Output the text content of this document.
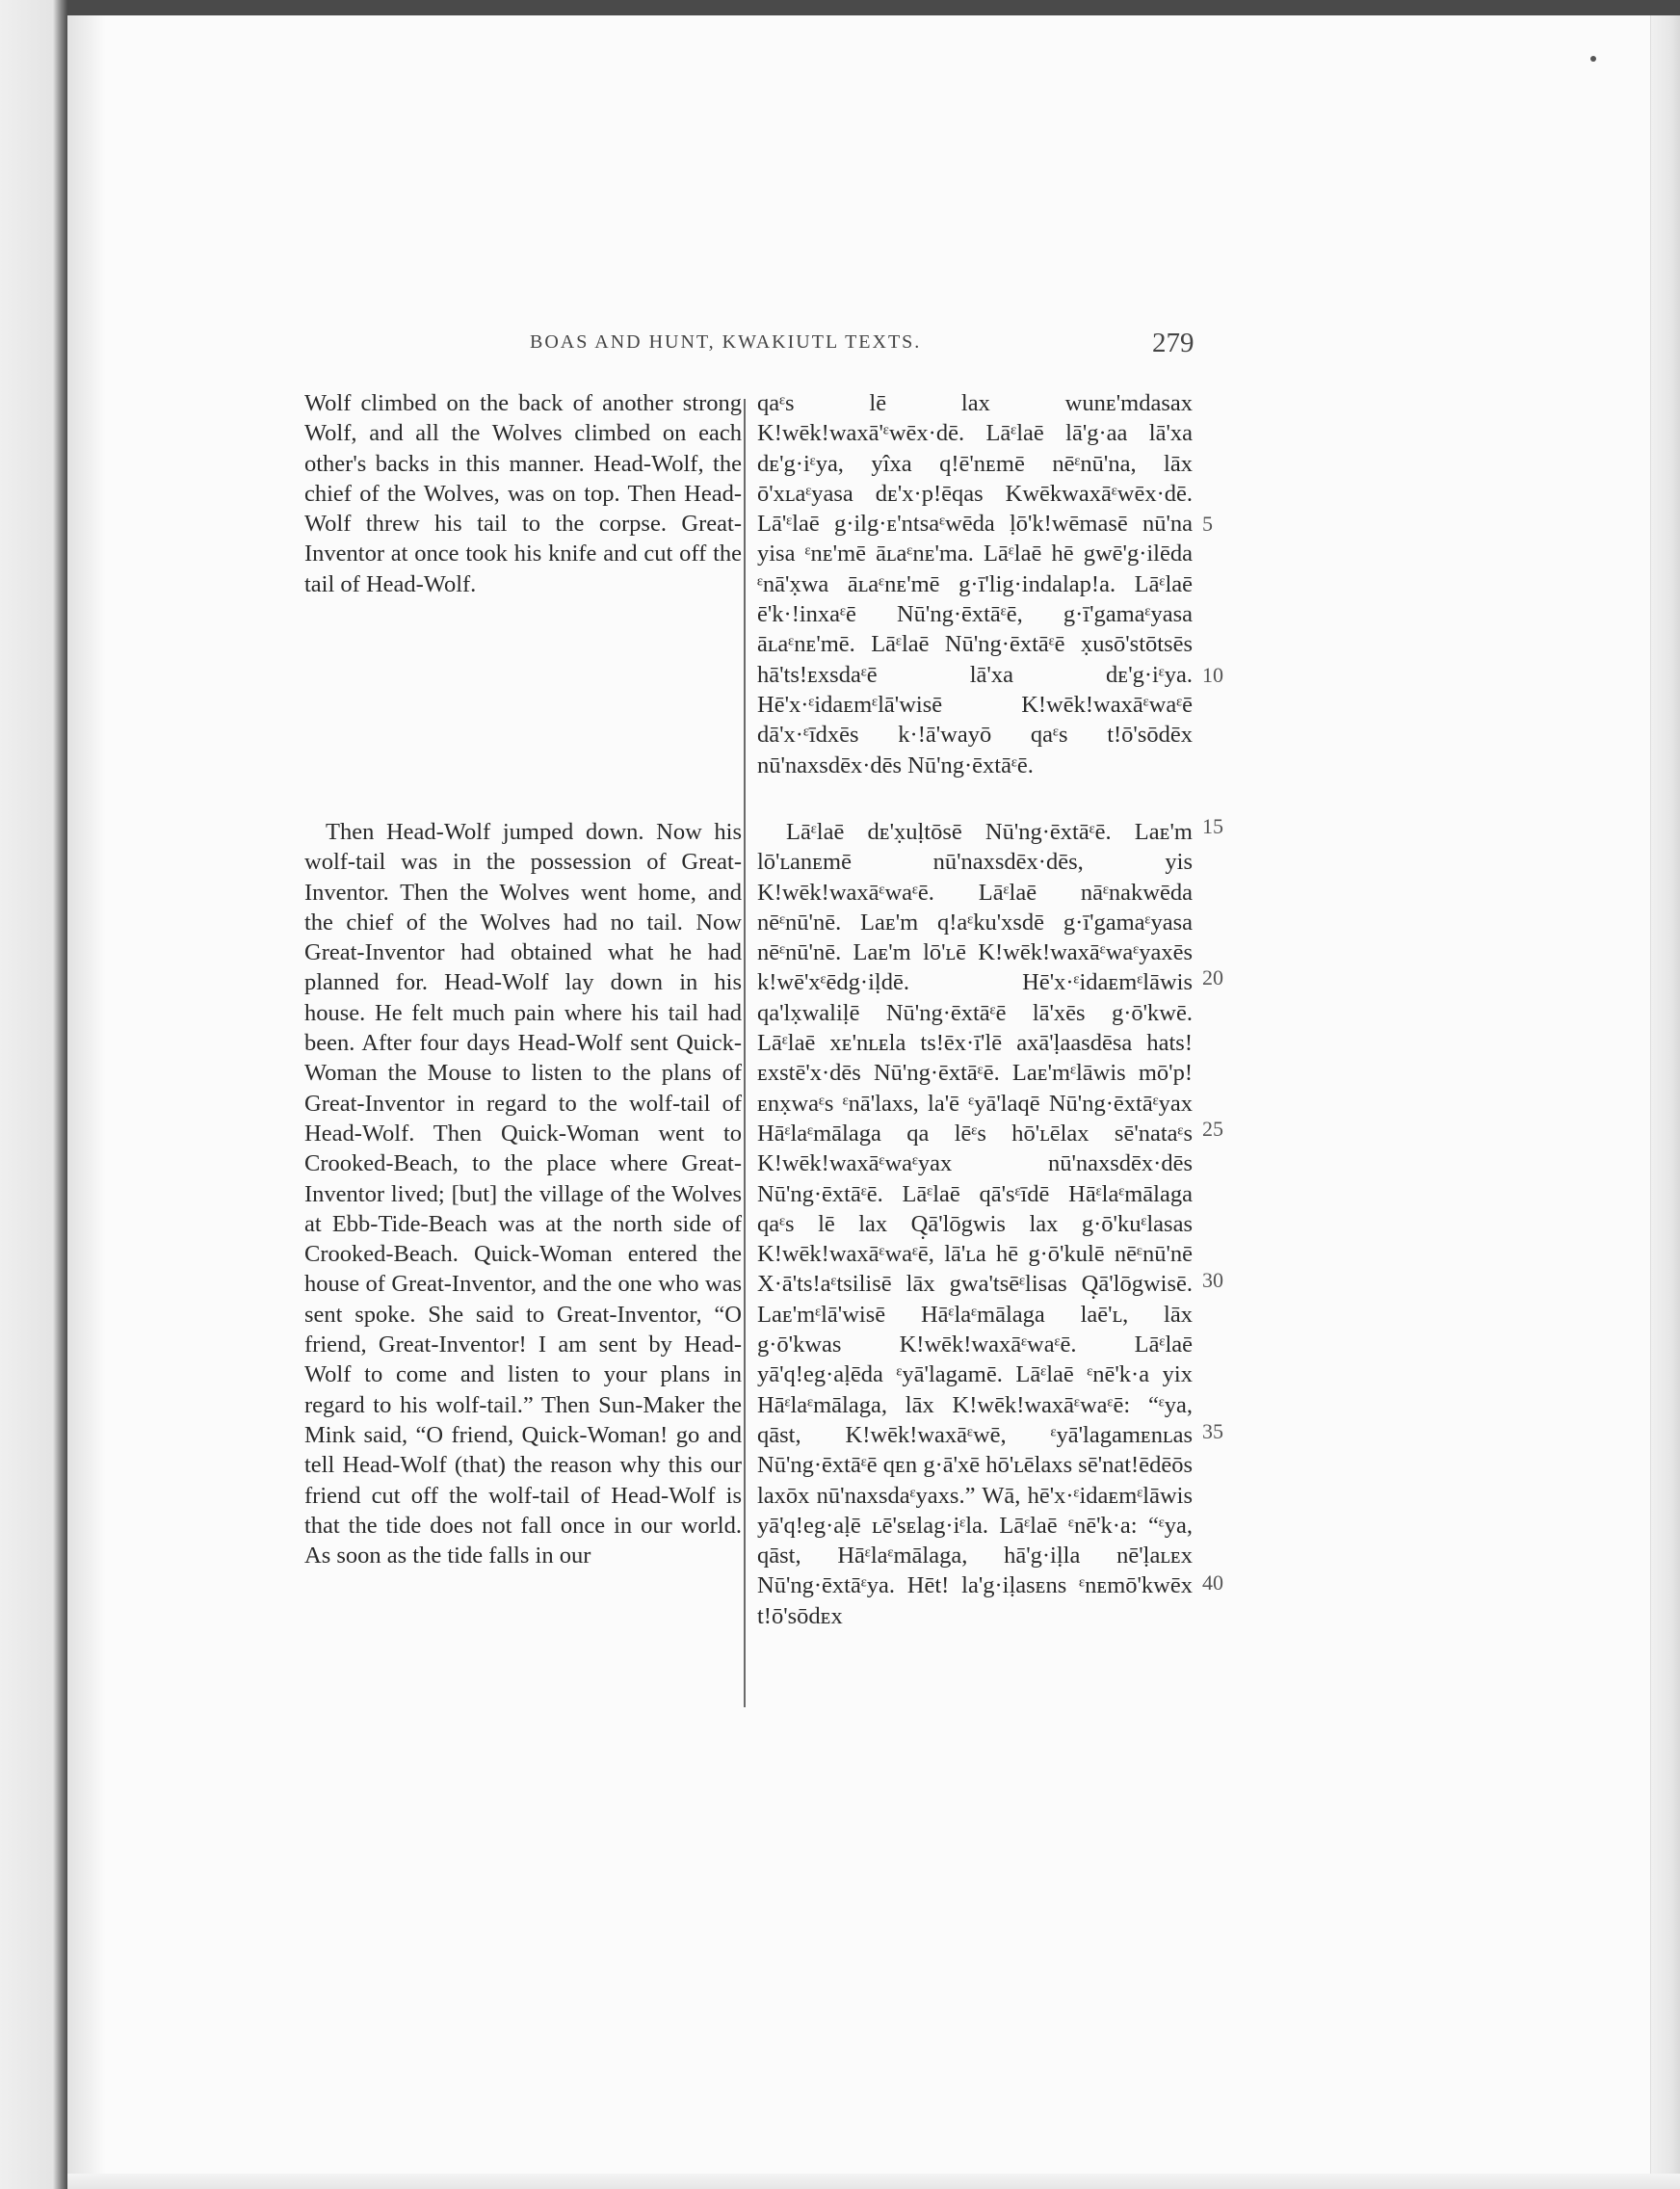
BOAS AND HUNT, KWAKIUTL TEXTS.	279

Wolf climbed on the back of another strong Wolf, and all the Wolves climbed on each other's backs in this manner. Head-Wolf, the chief of the Wolves, was on top. Then Head-Wolf threw his tail to the corpse. Great-Inventor at once took his knife and cut off the tail of Head-Wolf.

Then Head-Wolf jumped down. Now his wolf-tail was in the possession of Great-Inventor. Then the Wolves went home, and the chief of the Wolves had no tail. Now Great-Inventor had obtained what he had planned for. Head-Wolf lay down in his house. He felt much pain where his tail had been. After four days Head-Wolf sent Quick-Woman the Mouse to listen to the plans of Great-Inventor in regard to the wolf-tail of Head-Wolf. Then Quick-Woman went to Crooked-Beach, to the place where Great-Inventor lived; [but] the village of the Wolves at Ebb-Tide-Beach was at the north side of Crooked-Beach. Quick-Woman entered the house of Great-Inventor, and the one who was sent spoke. She said to Great-Inventor, “O friend, Great-Inventor! I am sent by Head-Wolf to come and listen to your plans in regard to his wolf-tail.” Then Sun-Maker the Mink said, “O friend, Quick-Woman! go and tell Head-Wolf (that) the reason why this our friend cut off the wolf-tail of Head-Wolf is that the tide does not fall once in our world. As soon as the tide falls in our

qaᵋs lē lax wunᴇ'mdasax K!wēk!waxā'ᵋwēx·dē. Lāᵋlaē lā'g·aa lā'xa dᴇ'g·iᵋya, yîxa q!ē'nᴇmē nēᵋnū'na, lāx ō'xʟaᵋyasa dᴇ'x·p!ēqas Kwēkwaxāᵋwēx·dē. Lā'ᵋlaē g·ilg·ᴇ'ntsaᵋwēda ḷō'k!wēmasē nū'na yisa ᵋnᴇ'mē āʟaᵋnᴇ'ma. Lāᵋlaē hē gwē'g·ilēda ᵋnā'x̣wa āʟaᵋnᴇ'mē g·ī'lig·indalap!a. Lāᵋlaē ē'k·!inxaᵋē Nū'ng·ēxtāᵋē, g·ī'gamaᵋyasa āʟaᵋnᴇ'mē. Lāᵋlaē Nū'ng·ēxtāᵋē x̣usō'stōtsēs hā'ts!ᴇxsdaᵋē lā'xa dᴇ'g·iᵋya. Hē'x·ᵋidaᴇmᵋlā'wisē K!wēk!waxāᵋwaᵋē dā'x·ᵋīdxēs k·!ā'wayō qaᵋs t!ō'sōdēx nū'naxsdēx·dēs Nū'ng·ēxtāᵋē.

Lāᵋlaē dᴇ'x̣uḷtōsē Nū'ng·ēxtāᵋē. Laᴇ'm lō'ʟanᴇmē nū'naxsdēx·dēs, yis K!wēk!waxāᵋwaᵋē. Lāᵋlaē nāᵋnakwēda nēᵋnū'nē. Laᴇ'm q!aᵋku'xsdē g·ī'gamaᵋyasa nēᵋnū'nē. Laᴇ'm lō'ʟē K!wēk!waxāᵋwaᵋyaxēs k!wē'xᵋēdg·iḷdē. Hē'x·ᵋidaᴇmᵋlāwis qa'lx̣waliḷē Nū'ng·ēxtāᵋē lā'xēs g·ō'kwē. Lāᵋlaē xᴇ'nʟᴇla ts!ēx·ī'lē axā'ḷaasdēsa hats!ᴇxstē'x·dēs Nū'ng·ēxtāᵋē. Laᴇ'mᵋlāwis mō'p!ᴇnx̣waᵋs ᵋnā'laxs, la'ē ᵋyā'laqē Nū'ng·ēxtāᵋyax Hāᵋlaᵋmālaga qa lēᵋs hō'ʟēlax sē'nataᵋs K!wēk!waxāᵋwaᵋyax nū'naxsdēx·dēs Nū'ng·ēxtāᵋē. Lāᵋlaē qā'sᵋīdē Hāᵋlaᵋmālaga qaᵋs lē lax Q̣ā'lōgwis lax g·ō'kuᵋlasas K!wēk!waxāᵋwaᵋē, lā'ʟa hē g·ō'kulē nēᵋnū'nē X·ā'ts!aᵋtsilisē lāx gwa'tsēᵋlisas Q̣ā'lōgwisē. Laᴇ'mᵋlā'wisē Hāᵋlaᵋmālaga laē'ʟ, lāx g·ō'kwas K!wēk!waxāᵋwaᵋē. Lāᵋlaē yā'q!eg·aḷēda ᵋyā'lagamē. Lāᵋlaē ᵋnē'k·a yix Hāᵋlaᵋmālaga, lāx K!wēk!waxāᵋwaᵋē: “ᵋya, qāst, K!wēk!waxāᵋwē, ᵋyā'lagamᴇnʟas Nū'ng·ēxtāᵋē qᴇn g·ā'xē hō'ʟēlaxs sē'nat!ēdēōs laxōx nū'naxsdaᵋyaxs.” Wā, hē'x·ᵋidaᴇmᵋlāwis yā'q!eg·aḷē ʟē'sᴇlag·iᵋla. Lāᵋlaē ᵋnē'k·a: “ᵋya, qāst, Hāᵋlaᵋmālaga, hā'g·iḷla nē'ḷaʟᴇx Nū'ng·ēxtāᵋya. Hēt! la'g·iḷasᴇns ᵋnᴇmō'kwēx t!ō'sōdᴇx

5
10
15
20
25
30
35
40
